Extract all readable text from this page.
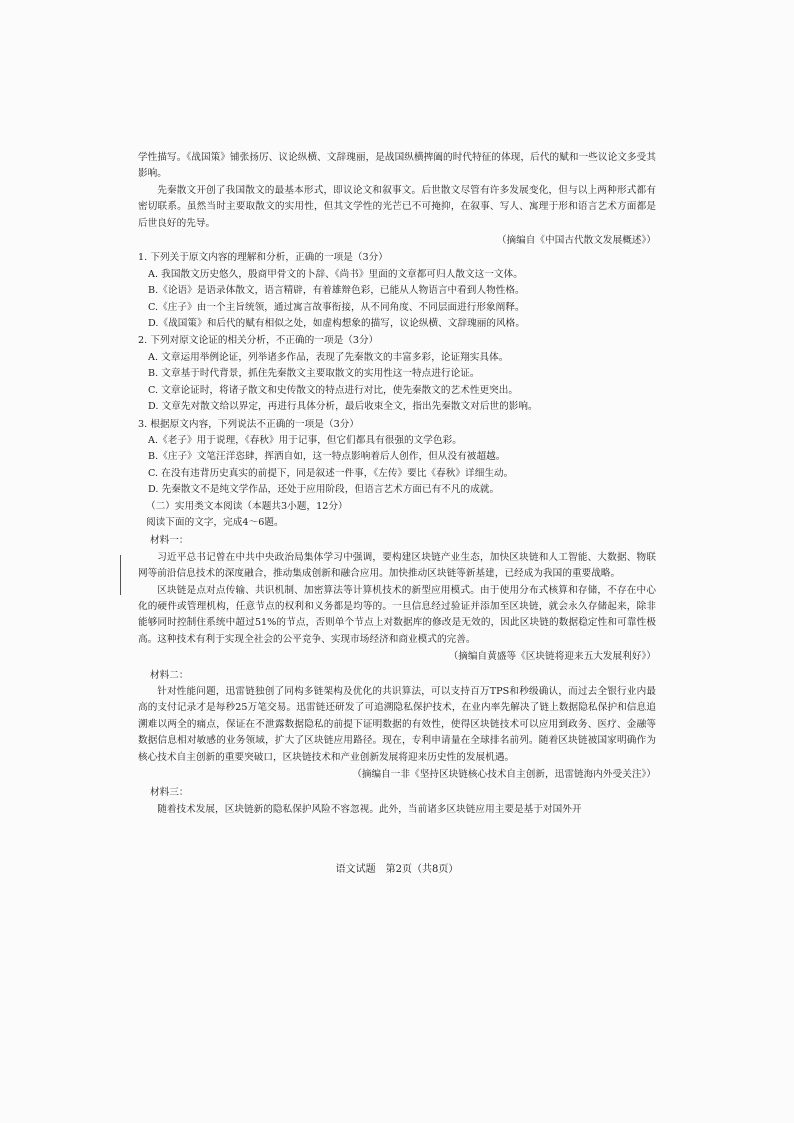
学性描写。《战国策》铺张扬厉、议论纵横、文辞瑰丽，是战国纵横捭阖的时代特征的体现，后代的赋和一些议论文多受其影响。

先秦散文开创了我国散文的最基本形式，即议论文和叙事文。后世散文尽管有许多发展变化，但与以上两种形式都有密切联系。虽然当时主要取散文的实用性，但其文学性的光芒已不可掩抑，在叙事、写人、寓理于形和语言艺术方面都是后世良好的先导。

（摘编自《中国古代散文发展概述》）

1. 下列关于原文内容的理解和分析，正确的一项是（3分）

A. 我国散文历史悠久，殷商甲骨文的卜辞、《尚书》里面的文章都可归人散文这一文体。

B.《论语》是语录体散文，语言精辟，有着雄辩色彩，已能从人物语言中看到人物性格。

C.《庄子》由一个主旨统领，通过寓言故事衔接，从不同角度、不同层面进行形象阐释。

D.《战国策》和后代的赋有相似之处，如虚构想象的描写，议论纵横、文辞瑰丽的风格。

2. 下列对原文论证的相关分析，不正确的一项是（3分）

A. 文章运用举例论证，列举诸多作品，表现了先秦散文的丰富多彩，论证翔实具体。

B. 文章基于时代背景，抓住先秦散文主要取散文的实用性这一特点进行论证。

C. 文章论证时，将诸子散文和史传散文的特点进行对比，使先秦散文的艺术性更突出。

D. 文章先对散文给以界定，再进行具体分析，最后收束全文，指出先秦散文对后世的影响。

3. 根据原文内容，下列说法不正确的一项是（3分）

A.《老子》用于说理，《春秋》用于记事，但它们都具有很强的文学色彩。

B.《庄子》文笔汪洋恣肆，挥洒自如，这一特点影响着后人创作，但从没有被超越。

C. 在没有违背历史真实的前提下，同是叙述一件事，《左传》要比《春秋》详细生动。

D. 先秦散文不是纯文学作品，还处于应用阶段，但语言艺术方面已有不凡的成就。

（二）实用类文本阅读（本题共3小题，12分）

阅读下面的文字，完成4～6题。

材料一：

习近平总书记曾在中共中央政治局集体学习中强调，要构建区块链产业生态，加快区块链和人工智能、大数据、物联网等前沿信息技术的深度融合，推动集成创新和融合应用。加快推动区块链等新基建，已经成为我国的重要战略。

区块链是点对点传输、共识机制、加密算法等计算机技术的新型应用模式。由于使用分布式核算和存储，不存在中心化的硬件或管理机构，任意节点的权利和义务都是均等的。一旦信息经过验证并添加至区块链，就会永久存储起来，除非能够同时控制住系统中超过51%的节点，否则单个节点上对数据库的修改是无效的，因此区块链的数据稳定性和可靠性极高。这种技术有利于实现全社会的公平竞争、实现市场经济和商业模式的完善。

（摘编自黄盛等《区块链将迎来五大发展利好》）

材料二：

针对性能问题，迅雷链独创了同构多链架构及优化的共识算法，可以支持百万TPS和秒级确认，而过去全银行业内最高的支付记录才是每秒25万笔交易。迅雷链还研发了可追溯隐私保护技术，在业内率先解决了链上数据隐私保护和信息追溯难以两全的痛点，保证在不泄露数据隐私的前提下证明数据的有效性，使得区块链技术可以应用到政务、医疗、金融等数据信息相对敏感的业务领域，扩大了区块链应用路径。现在，专利申请量在全球排名前列。随着区块链被国家明确作为核心技术自主创新的重要突破口，区块链技术和产业创新发展将迎来历史性的发展机遇。

（摘编自一非《坚持区块链核心技术自主创新，迅雷链海内外受关注》）

材料三：

随着技术发展，区块链新的隐私保护风险不容忽视。此外，当前诸多区块链应用主要是基于对国外开

语文试题　第2页（共8页）
